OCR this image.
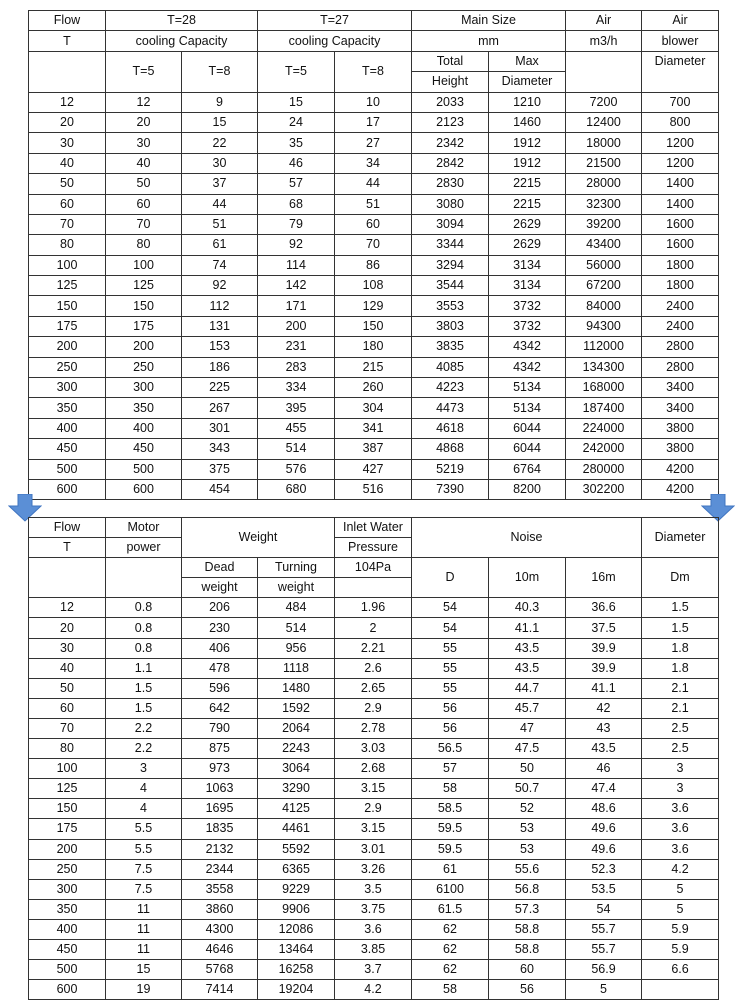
Flow	T=28		T=27		Main Size		Air	Air
T	cooling Capacity		cooling Capacity		mm		m3/h	blower
	T=5	T=8	T=5	T=8	Total	Max		Diameter
					Height	Diameter		
12	12	9	15	10	2033	1210	7200	700
20	20	15	24	17	2123	1460	12400	800
30	30	22	35	27	2342	1912	18000	1200
40	40	30	46	34	2842	1912	21500	1200
50	50	37	57	44	2830	2215	28000	1400
60	60	44	68	51	3080	2215	32300	1400
70	70	51	79	60	3094	2629	39200	1600
80	80	61	92	70	3344	2629	43400	1600
100	100	74	114	86	3294	3134	56000	1800
125	125	92	142	108	3544	3134	67200	1800
150	150	112	171	129	3553	3732	84000	2400
175	175	131	200	150	3803	3732	94300	2400
200	200	153	231	180	3835	4342	112000	2800
250	250	186	283	215	4085	4342	134300	2800
300	300	225	334	260	4223	5134	168000	3400
350	350	267	395	304	4473	5134	187400	3400
400	400	301	455	341	4618	6044	224000	3800
450	450	343	514	387	4868	6044	242000	3800
500	500	375	576	427	5219	6764	280000	4200
600	600	454	680	516	7390	8200	302200	4200
Flow	Motor	Weight		Inlet Water	Noise			Diameter
T	power			Pressure				
		Dead	Turning	104Pa	D	10m	16m	Dm
		weight	weight					
12	0.8	206	484	1.96	54	40.3	36.6	1.5
20	0.8	230	514	2	54	41.1	37.5	1.5
30	0.8	406	956	2.21	55	43.5	39.9	1.8
40	1.1	478	1118	2.6	55	43.5	39.9	1.8
50	1.5	596	1480	2.65	55	44.7	41.1	2.1
60	1.5	642	1592	2.9	56	45.7	42	2.1
70	2.2	790	2064	2.78	56	47	43	2.5
80	2.2	875	2243	3.03	56.5	47.5	43.5	2.5
100	3	973	3064	2.68	57	50	46	3
125	4	1063	3290	3.15	58	50.7	47.4	3
150	4	1695	4125	2.9	58.5	52	48.6	3.6
175	5.5	1835	4461	3.15	59.5	53	49.6	3.6
200	5.5	2132	5592	3.01	59.5	53	49.6	3.6
250	7.5	2344	6365	3.26	61	55.6	52.3	4.2
300	7.5	3558	9229	3.5	6100	56.8	53.5	5
350	11	3860	9906	3.75	61.5	57.3	54	5
400	11	4300	12086	3.6	62	58.8	55.7	5.9
450	11	4646	13464	3.85	62	58.8	55.7	5.9
500	15	5768	16258	3.7	62	60	56.9	6.6
600	19	7414	19204	4.2	58	56	5	
